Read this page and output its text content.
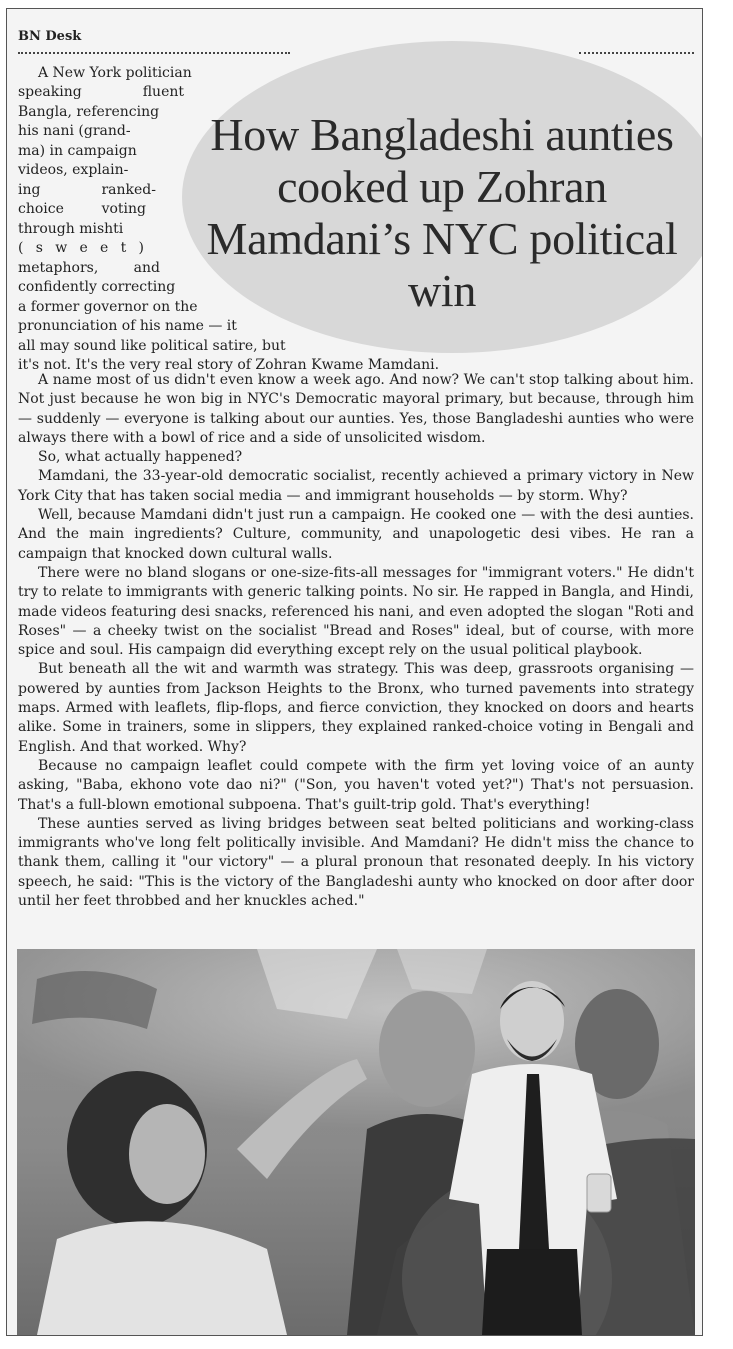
BN Desk
How Bangladeshi aunties cooked up Zohran Mamdani’s NYC political win
A New York politician
speaking fluent
Bangla, referencing
his nani (grand-
ma) in campaign
videos, explain-
ing ranked-
choice voting
through mishti
( s w e e t )
metaphors, and
confidently correcting
a former governor on the
pronunciation of his name — it
all may sound like political satire, but
it's not. It's the very real story of Zohran Kwame Mamdani.

A name most of us didn't even know a week ago. And now? We can't stop talking about him. Not just because he won big in NYC's Democratic mayoral primary, but because, through him — suddenly — everyone is talking about our aunties. Yes, those Bangladeshi aunties who were always there with a bowl of rice and a side of unsolicited wisdom.

So, what actually happened?

Mamdani, the 33-year-old democratic socialist, recently achieved a primary victory in New York City that has taken social media — and immigrant households — by storm. Why?

Well, because Mamdani didn't just run a campaign. He cooked one — with the desi aunties. And the main ingredients? Culture, community, and unapologetic desi vibes. He ran a campaign that knocked down cultural walls.

There were no bland slogans or one-size-fits-all messages for "immigrant voters." He didn't try to relate to immigrants with generic talking points. No sir. He rapped in Bangla, and Hindi, made videos featuring desi snacks, referenced his nani, and even adopted the slogan "Roti and Roses" — a cheeky twist on the socialist "Bread and Roses" ideal, but of course, with more spice and soul. His campaign did everything except rely on the usual political playbook.

But beneath all the wit and warmth was strategy. This was deep, grassroots organising — powered by aunties from Jackson Heights to the Bronx, who turned pavements into strategy maps. Armed with leaflets, flip-flops, and fierce conviction, they knocked on doors and hearts alike. Some in trainers, some in slippers, they explained ranked-choice voting in Bengali and English. And that worked. Why?

Because no campaign leaflet could compete with the firm yet loving voice of an aunty asking, "Baba, ekhono vote dao ni?" ("Son, you haven't voted yet?") That's not persuasion. That's a full-blown emotional subpoena. That's guilt-trip gold. That's everything!

These aunties served as living bridges between seat belted politicians and working-class immigrants who've long felt politically invisible. And Mamdani? He didn't miss the chance to thank them, calling it "our victory" — a plural pronoun that resonated deeply. In his victory speech, he said: "This is the victory of the Bangladeshi aunty who knocked on door after door until her feet throbbed and her knuckles ached."
